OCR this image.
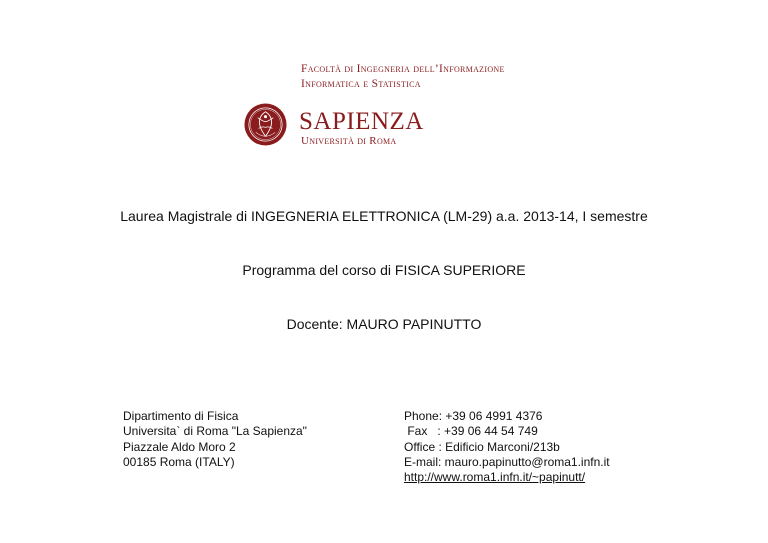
Facoltà di Ingegneria dell’Informazione
Informatica e Statistica
SAPIENZA
Università di Roma
Laurea Magistrale di INGEGNERIA ELETTRONICA (LM-29) a.a. 2013-14, I semestre
Programma del corso di FISICA SUPERIORE
Docente: MAURO PAPINUTTO
Dipartimento di Fisica
Universita` di Roma "La Sapienza"
Piazzale Aldo Moro 2
00185 Roma (ITALY)
Phone: +39 06 4991 4376
Fax   : +39 06 44 54 749
Office : Edificio Marconi/213b
E-mail: mauro.papinutto@roma1.infn.it
http://www.roma1.infn.it/~papinutt/
